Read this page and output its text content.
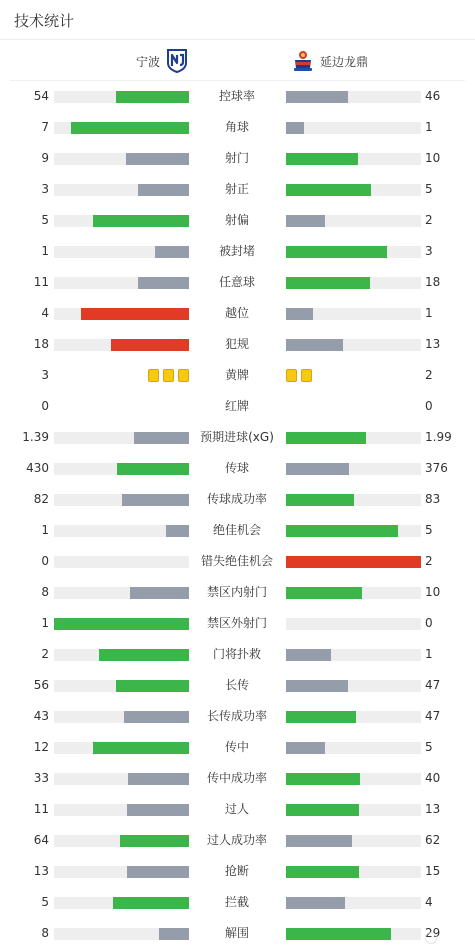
技术统计
宁波	延边龙鼎
54	控球率	46
7	角球	1
9	射门	10
3	射正	5
5	射偏	2
1	被封堵	3
11	任意球	18
4	越位	1
18	犯规	13
3	黄牌	2
0	红牌	0
1.39	预期进球(xG)	1.99
430	传球	376
82	传球成功率	83
1	绝佳机会	5
0	错失绝佳机会	2
8	禁区内射门	10
1	禁区外射门	0
2	门将扑救	1
56	长传	47
43	长传成功率	47
12	传中	5
33	传中成功率	40
11	过人	13
64	过人成功率	62
13	抢断	15
5	拦截	4
8	解围	29
